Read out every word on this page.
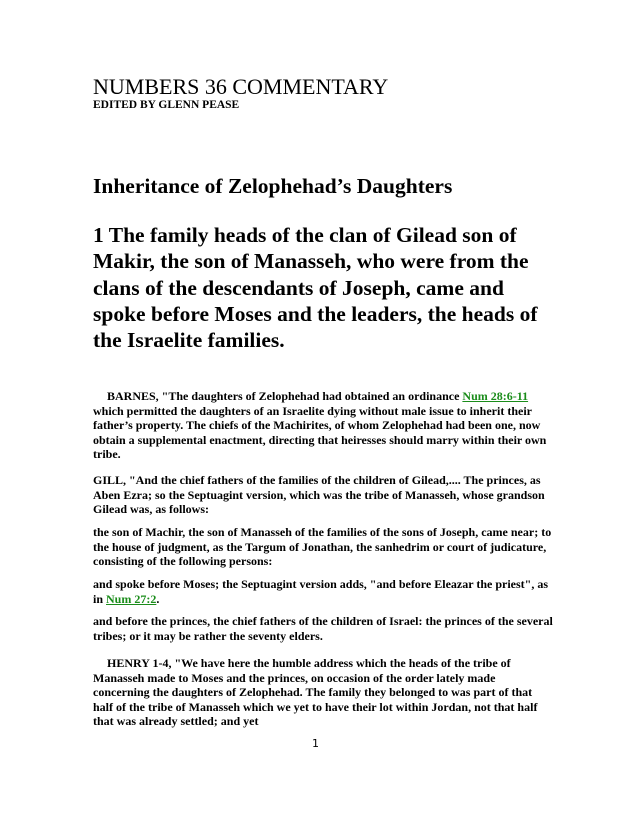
NUMBERS 36 COMMENTARY
EDITED BY GLENN PEASE
Inheritance of Zelophehad’s Daughters

1 The family heads of the clan of Gilead son of Makir, the son of Manasseh, who were from the clans of the descendants of Joseph, came and spoke before Moses and the leaders, the heads of the Israelite families.

BARNES, "The daughters of Zelophehad had obtained an ordinance Num 28:6-11 which permitted the daughters of an Israelite dying without male issue to inherit their father’s property. The chiefs of the Machirites, of whom Zelophehad had been one, now obtain a supplemental enactment, directing that heiresses should marry within their own tribe.

GILL, "And the chief fathers of the families of the children of Gilead,.... The princes, as Aben Ezra; so the Septuagint version, which was the tribe of Manasseh, whose grandson Gilead was, as follows:

the son of Machir, the son of Manasseh of the families of the sons of Joseph, came near; to the house of judgment, as the Targum of Jonathan, the sanhedrim or court of judicature, consisting of the following persons:

and spoke before Moses; the Septuagint version adds, "and before Eleazar the priest", as in Num 27:2.

and before the princes, the chief fathers of the children of Israel: the princes of the several tribes; or it may be rather the seventy elders.

HENRY 1-4, "We have here the humble address which the heads of the tribe of Manasseh made to Moses and the princes, on occasion of the order lately made concerning the daughters of Zelophehad. The family they belonged to was part of that half of the tribe of Manasseh which we yet to have their lot within Jordan, not that half that was already settled; and yet

1
